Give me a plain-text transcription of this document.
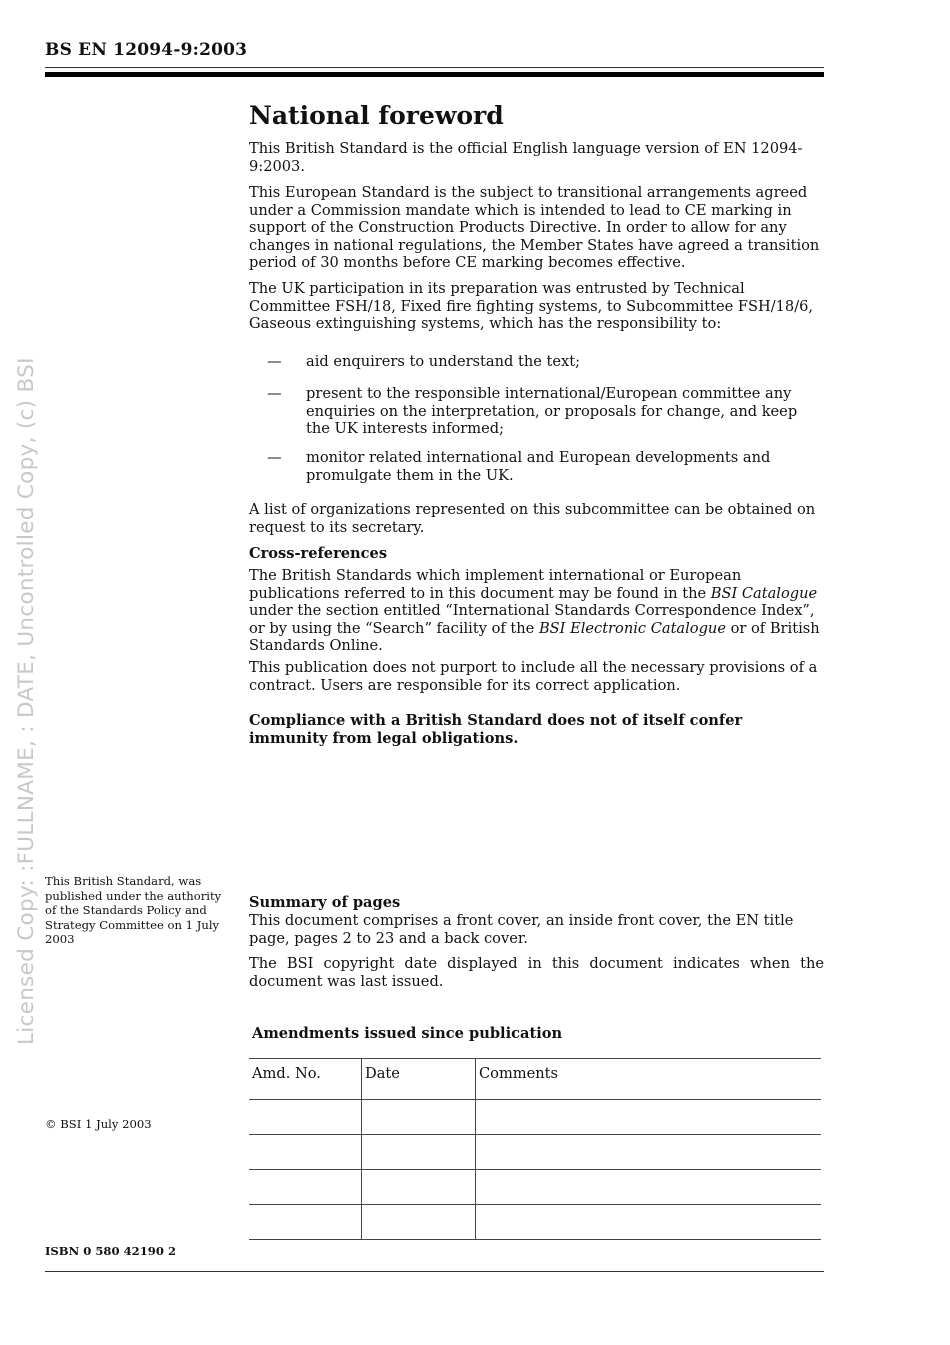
BS EN 12094-9:2003
Licensed Copy: :FULLNAME, : DATE, Uncontrolled Copy, (c) BSI
National foreword

This British Standard is the official English language version of EN 12094-9:2003.

This European Standard is the subject to transitional arrangements agreed under a Commission mandate which is intended to lead to CE marking in support of the Construction Products Directive. In order to allow for any changes in national regulations, the Member States have agreed a transition period of 30 months before CE marking becomes effective.

The UK participation in its preparation was entrusted by Technical Committee FSH/18, Fixed fire fighting systems, to Subcommittee FSH/18/6, Gaseous extinguishing systems, which has the responsibility to:

— aid enquirers to understand the text;
— present to the responsible international/European committee any enquiries on the interpretation, or proposals for change, and keep the UK interests informed;
— monitor related international and European developments and promulgate them in the UK.

A list of organizations represented on this subcommittee can be obtained on request to its secretary.

Cross-references

The British Standards which implement international or European publications referred to in this document may be found in the BSI Catalogue under the section entitled “International Standards Correspondence Index”, or by using the “Search” facility of the BSI Electronic Catalogue or of British Standards Online.

This publication does not purport to include all the necessary provisions of a contract. Users are responsible for its correct application.

Compliance with a British Standard does not of itself confer immunity from legal obligations.
Summary of pages

This document comprises a front cover, an inside front cover, the EN title page, pages 2 to 23 and a back cover.

The BSI copyright date displayed in this document indicates when the document was last issued.

Amendments issued since publication
Amd. No.	Date	Comments

This British Standard, was published under the authority of the Standards Policy and Strategy Committee on 1 July 2003
© BSI 1 July 2003
ISBN 0 580 42190 2
